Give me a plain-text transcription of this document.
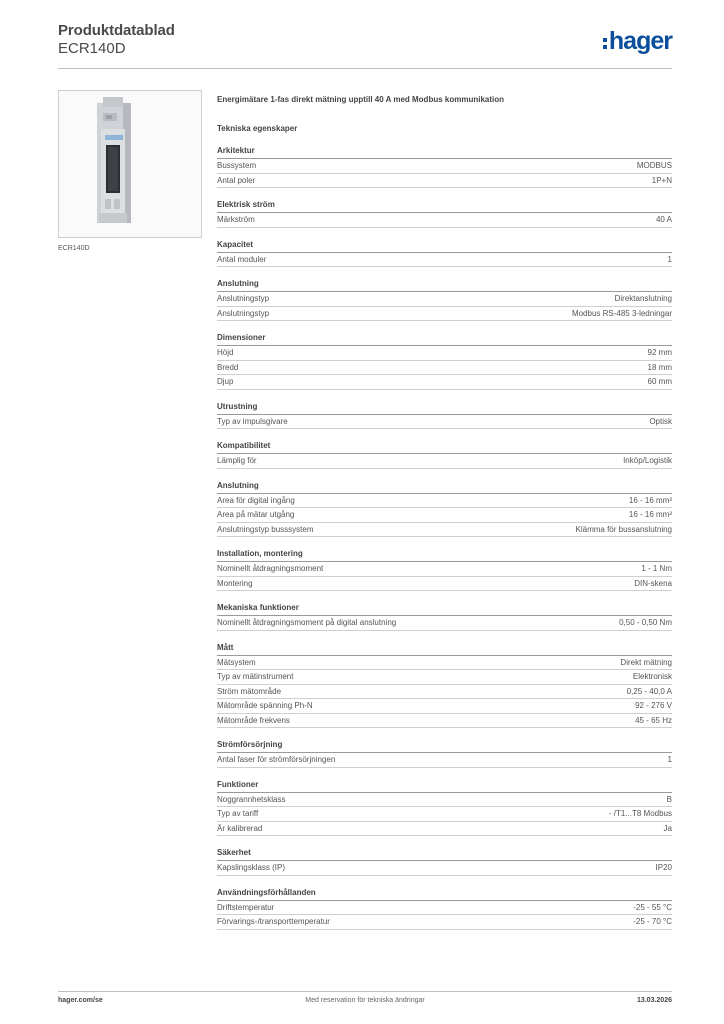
Produktdatablad
ECR140D	hager
ECR140D
Energimätare 1-fas direkt mätning upptill 40 A med Modbus kommunikation
Tekniska egenskaper
Arkitektur
Bussystem	MODBUS
Antal poler	1P+N
Elektrisk ström
Märkström	40 A
Kapacitet
Antal moduler	1
Anslutning
Anslutningstyp	Direktanslutning
Anslutningstyp	Modbus RS-485 3-ledningar
Dimensioner
Höjd	92 mm
Bredd	18 mm
Djup	60 mm
Utrustning
Typ av impulsgivare	Optisk
Kompatibilitet
Lämplig för	Inköp/Logistik
Anslutning
Area för digital ingång	16 - 16 mm²
Area på mätar utgång	16 - 16 mm²
Anslutningstyp busssystem	Klämma för bussanslutning
Installation, montering
Nominellt åtdragningsmoment	1 - 1 Nm
Montering	DIN-skena
Mekaniska funktioner
Nominellt åtdragningsmoment på digital anslutning	0,50 - 0,50 Nm
Mått
Mätsystem	Direkt mätning
Typ av mätinstrument	Elektronisk
Ström mätområde	0,25 - 40,0 A
Mätområde spänning Ph-N	92 - 276 V
Mätområde frekvens	45 - 65 Hz
Strömförsörjning
Antal faser för strömförsörjningen	1
Funktioner
Noggrannhetsklass	B
Typ av tariff	- /T1...T8 Modbus
Är kalibrerad	Ja
Säkerhet
Kapslingsklass (IP)	IP20
Användningsförhållanden
Driftstemperatur	-25 - 55 °C
Förvarings-/transporttemperatur	-25 - 70 °C
hager.com/se	Med reservation för tekniska ändringar	13.03.2026
